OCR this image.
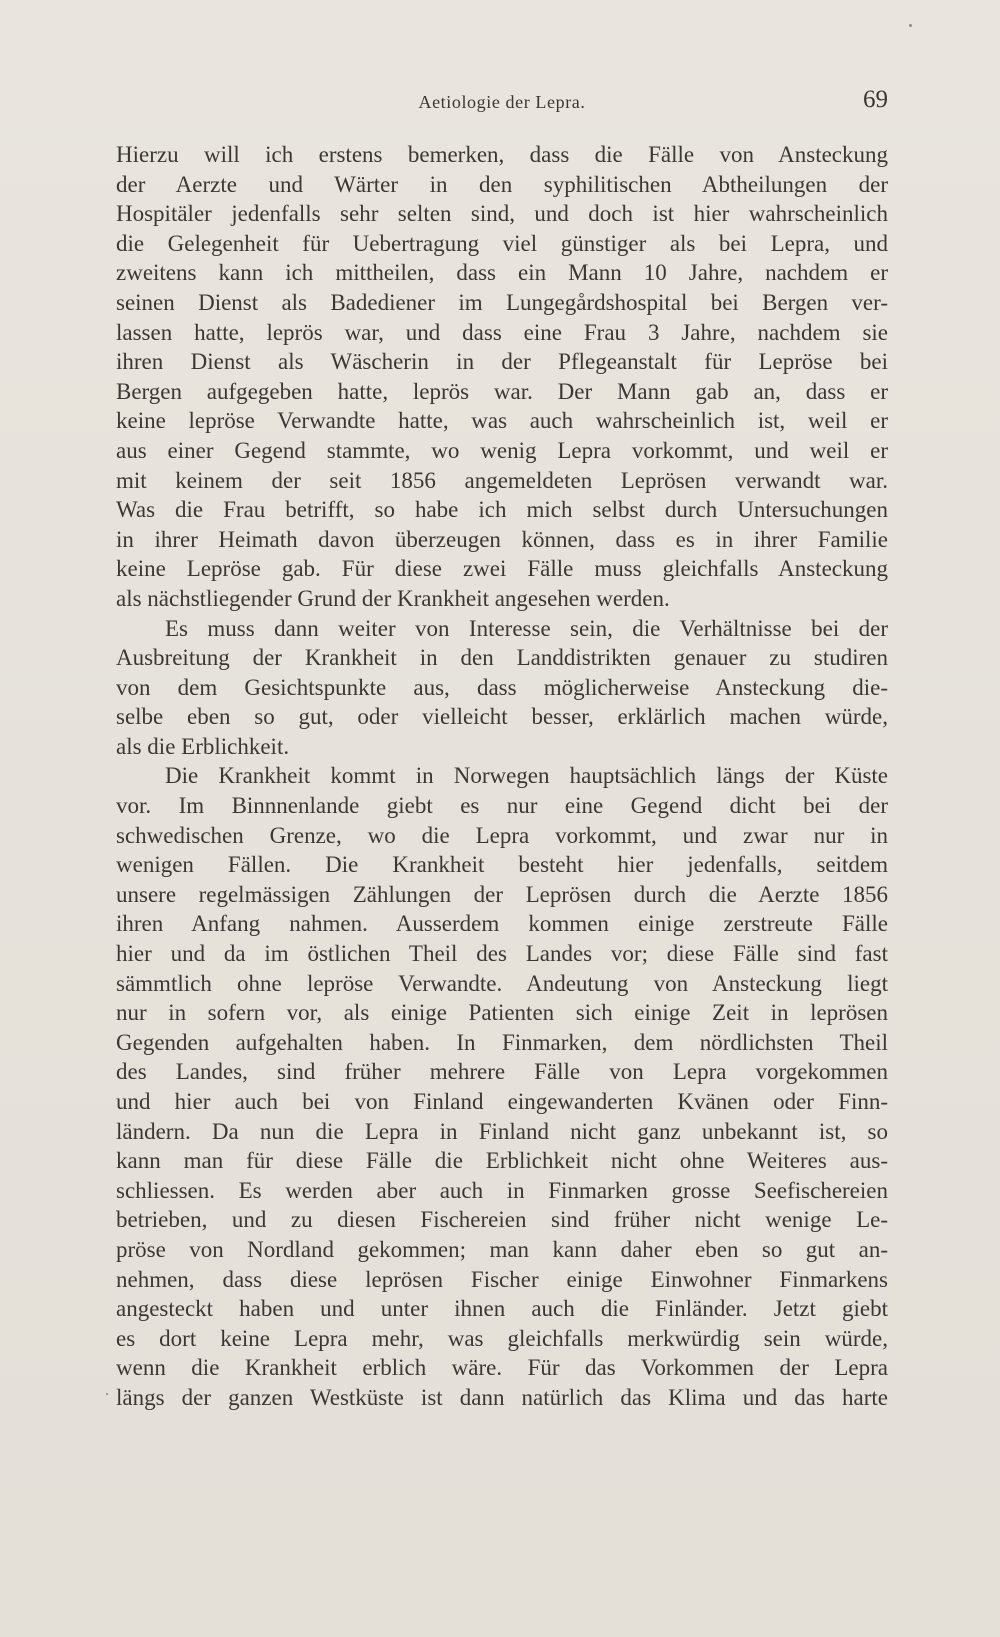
Aetiologie der Lepra.	69
Hierzu will ich erstens bemerken, dass die Fälle von Ansteckung
der Aerzte und Wärter in den syphilitischen Abtheilungen der
Hospitäler jedenfalls sehr selten sind, und doch ist hier wahrscheinlich
die Gelegenheit für Uebertragung viel günstiger als bei Lepra, und
zweitens kann ich mittheilen, dass ein Mann 10 Jahre, nachdem er
seinen Dienst als Badediener im Lungegårdshospital bei Bergen ver-
lassen hatte, leprös war, und dass eine Frau 3 Jahre, nachdem sie
ihren Dienst als Wäscherin in der Pflegeanstalt für Lepröse bei
Bergen aufgegeben hatte, leprös war. Der Mann gab an, dass er
keine lepröse Verwandte hatte, was auch wahrscheinlich ist, weil er
aus einer Gegend stammte, wo wenig Lepra vorkommt, und weil er
mit keinem der seit 1856 angemeldeten Leprösen verwandt war.
Was die Frau betrifft, so habe ich mich selbst durch Untersuchungen
in ihrer Heimath davon überzeugen können, dass es in ihrer Familie
keine Lepröse gab. Für diese zwei Fälle muss gleichfalls Ansteckung
als nächstliegender Grund der Krankheit angesehen werden.
Es muss dann weiter von Interesse sein, die Verhältnisse bei der
Ausbreitung der Krankheit in den Landdistrikten genauer zu studiren
von dem Gesichtspunkte aus, dass möglicherweise Ansteckung die-
selbe eben so gut, oder vielleicht besser, erklärlich machen würde,
als die Erblichkeit.
Die Krankheit kommt in Norwegen hauptsächlich längs der Küste
vor. Im Binnnenlande giebt es nur eine Gegend dicht bei der
schwedischen Grenze, wo die Lepra vorkommt, und zwar nur in
wenigen Fällen. Die Krankheit besteht hier jedenfalls, seitdem
unsere regelmässigen Zählungen der Leprösen durch die Aerzte 1856
ihren Anfang nahmen. Ausserdem kommen einige zerstreute Fälle
hier und da im östlichen Theil des Landes vor; diese Fälle sind fast
sämmtlich ohne lepröse Verwandte. Andeutung von Ansteckung liegt
nur in sofern vor, als einige Patienten sich einige Zeit in leprösen
Gegenden aufgehalten haben. In Finmarken, dem nördlichsten Theil
des Landes, sind früher mehrere Fälle von Lepra vorgekommen
und hier auch bei von Finland eingewanderten Kvänen oder Finn-
ländern. Da nun die Lepra in Finland nicht ganz unbekannt ist, so
kann man für diese Fälle die Erblichkeit nicht ohne Weiteres aus-
schliessen. Es werden aber auch in Finmarken grosse Seefischereien
betrieben, und zu diesen Fischereien sind früher nicht wenige Le-
pröse von Nordland gekommen; man kann daher eben so gut an-
nehmen, dass diese leprösen Fischer einige Einwohner Finmarkens
angesteckt haben und unter ihnen auch die Finländer. Jetzt giebt
es dort keine Lepra mehr, was gleichfalls merkwürdig sein würde,
wenn die Krankheit erblich wäre. Für das Vorkommen der Lepra
längs der ganzen Westküste ist dann natürlich das Klima und das harte
